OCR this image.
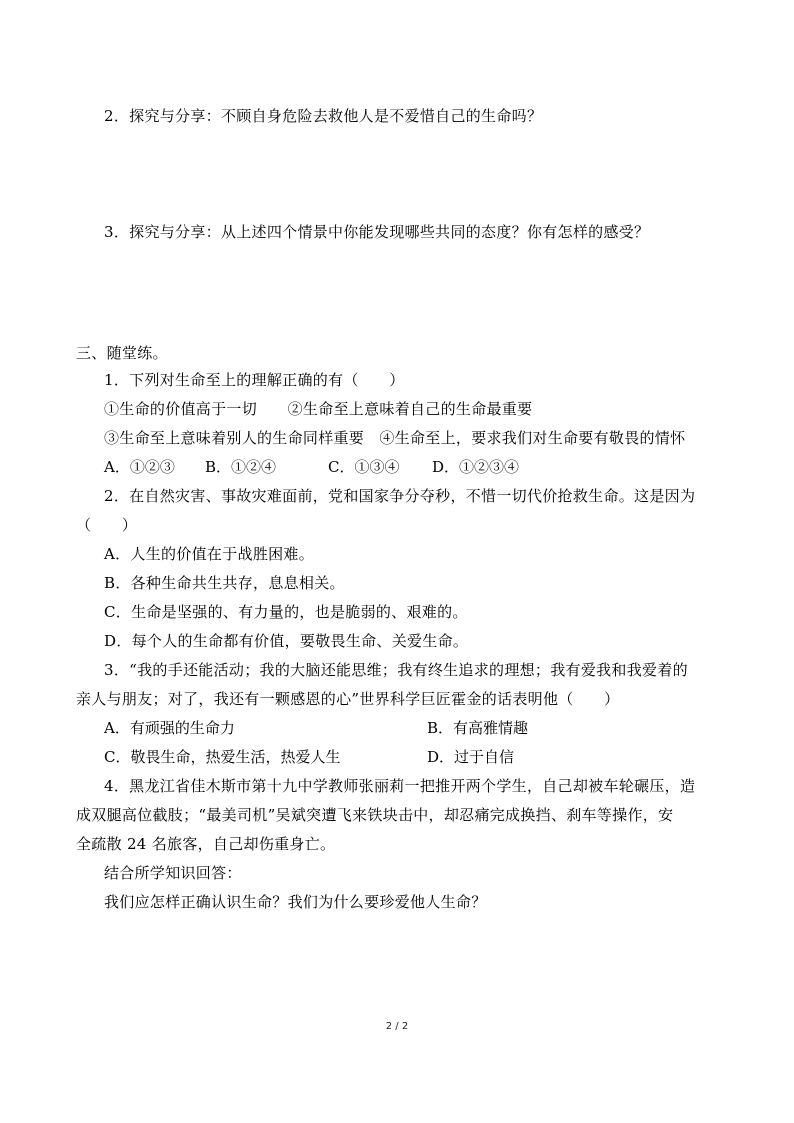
2．探究与分享：不顾自身危险去救他人是不爱惜自己的生命吗？
3．探究与分享：从上述四个情景中你能发现哪些共同的态度？你有怎样的感受？
三、随堂练。
1．下列对生命至上的理解正确的有（　　）
①生命的价值高于一切　　②生命至上意味着自己的生命最重要
③生命至上意味着别人的生命同样重要　④生命至上，要求我们对生命要有敬畏的情怀
A．①②③ B．①②④	C．①③④ D．①②③④
2．在自然灾害、事故灾难面前，党和国家争分夺秒，不惜一切代价抢救生命。这是因为
（　　）
A．人生的价值在于战胜困难。
B．各种生命共生共存，息息相关。
C．生命是坚强的、有力量的，也是脆弱的、艰难的。
D．每个人的生命都有价值，要敬畏生命、关爱生命。
3．“我的手还能活动；我的大脑还能思维；我有终生追求的理想；我有爱我和我爱着的
亲人与朋友；对了，我还有一颗感恩的心”世界科学巨匠霍金的话表明他（　　）
A．有顽强的生命力	B．有高雅情趣
C．敬畏生命，热爱生活，热爱人生	D．过于自信
4．黑龙江省佳木斯市第十九中学教师张丽莉一把推开两个学生，自己却被车轮碾压，造
成双腿高位截肢；“最美司机”吴斌突遭飞来铁块击中，却忍痛完成换挡、刹车等操作，安
全疏散 24 名旅客，自己却伤重身亡。
结合所学知识回答：
我们应怎样正确认识生命？我们为什么要珍爱他人生命？
2 / 2
